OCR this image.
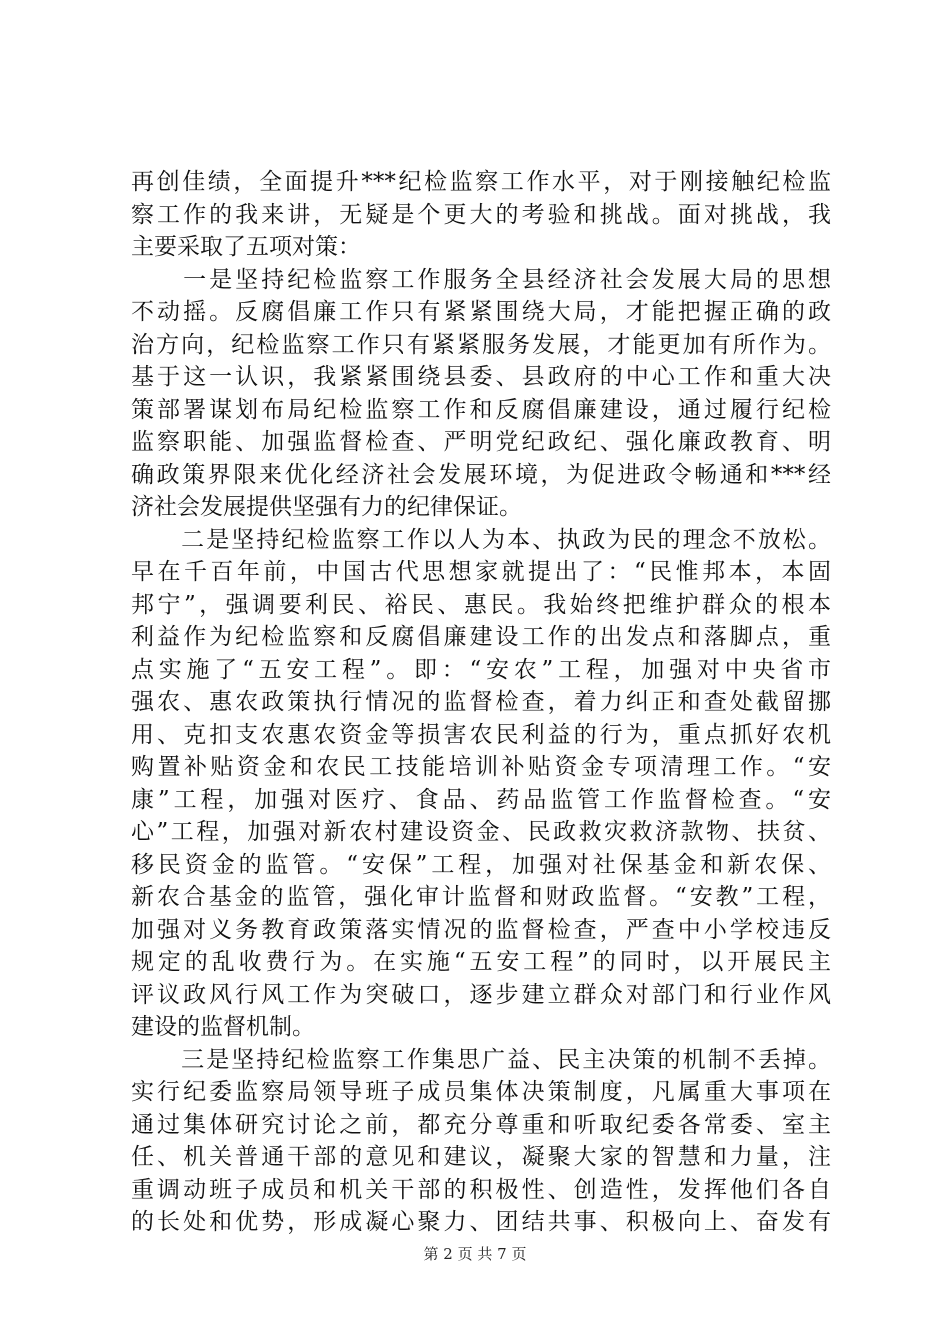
再创佳绩，全面提升***纪检监察工作水平，对于刚接触纪检监
察工作的我来讲，无疑是个更大的考验和挑战。面对挑战，我
主要采取了五项对策：
　　一是坚持纪检监察工作服务全县经济社会发展大局的思想
不动摇。反腐倡廉工作只有紧紧围绕大局，才能把握正确的政
治方向，纪检监察工作只有紧紧服务发展，才能更加有所作为。
基于这一认识，我紧紧围绕县委、县政府的中心工作和重大决
策部署谋划布局纪检监察工作和反腐倡廉建设，通过履行纪检
监察职能、加强监督检查、严明党纪政纪、强化廉政教育、明
确政策界限来优化经济社会发展环境，为促进政令畅通和***经
济社会发展提供坚强有力的纪律保证。
　　二是坚持纪检监察工作以人为本、执政为民的理念不放松。
早在千百年前，中国古代思想家就提出了：“民惟邦本，本固
邦宁”，强调要利民、裕民、惠民。我始终把维护群众的根本
利益作为纪检监察和反腐倡廉建设工作的出发点和落脚点，重
点实施了“五安工程”。即：“安农”工程，加强对中央省市
强农、惠农政策执行情况的监督检查，着力纠正和查处截留挪
用、克扣支农惠农资金等损害农民利益的行为，重点抓好农机
购置补贴资金和农民工技能培训补贴资金专项清理工作。“安
康”工程，加强对医疗、食品、药品监管工作监督检查。“安
心”工程，加强对新农村建设资金、民政救灾救济款物、扶贫、
移民资金的监管。“安保”工程，加强对社保基金和新农保、
新农合基金的监管，强化审计监督和财政监督。“安教”工程，
加强对义务教育政策落实情况的监督检查，严查中小学校违反
规定的乱收费行为。在实施“五安工程”的同时，以开展民主
评议政风行风工作为突破口，逐步建立群众对部门和行业作风
建设的监督机制。
　　三是坚持纪检监察工作集思广益、民主决策的机制不丢掉。
实行纪委监察局领导班子成员集体决策制度，凡属重大事项在
通过集体研究讨论之前，都充分尊重和听取纪委各常委、室主
任、机关普通干部的意见和建议，凝聚大家的智慧和力量，注
重调动班子成员和机关干部的积极性、创造性，发挥他们各自
的长处和优势，形成凝心聚力、团结共事、积极向上、奋发有
第 2 页 共 7 页
